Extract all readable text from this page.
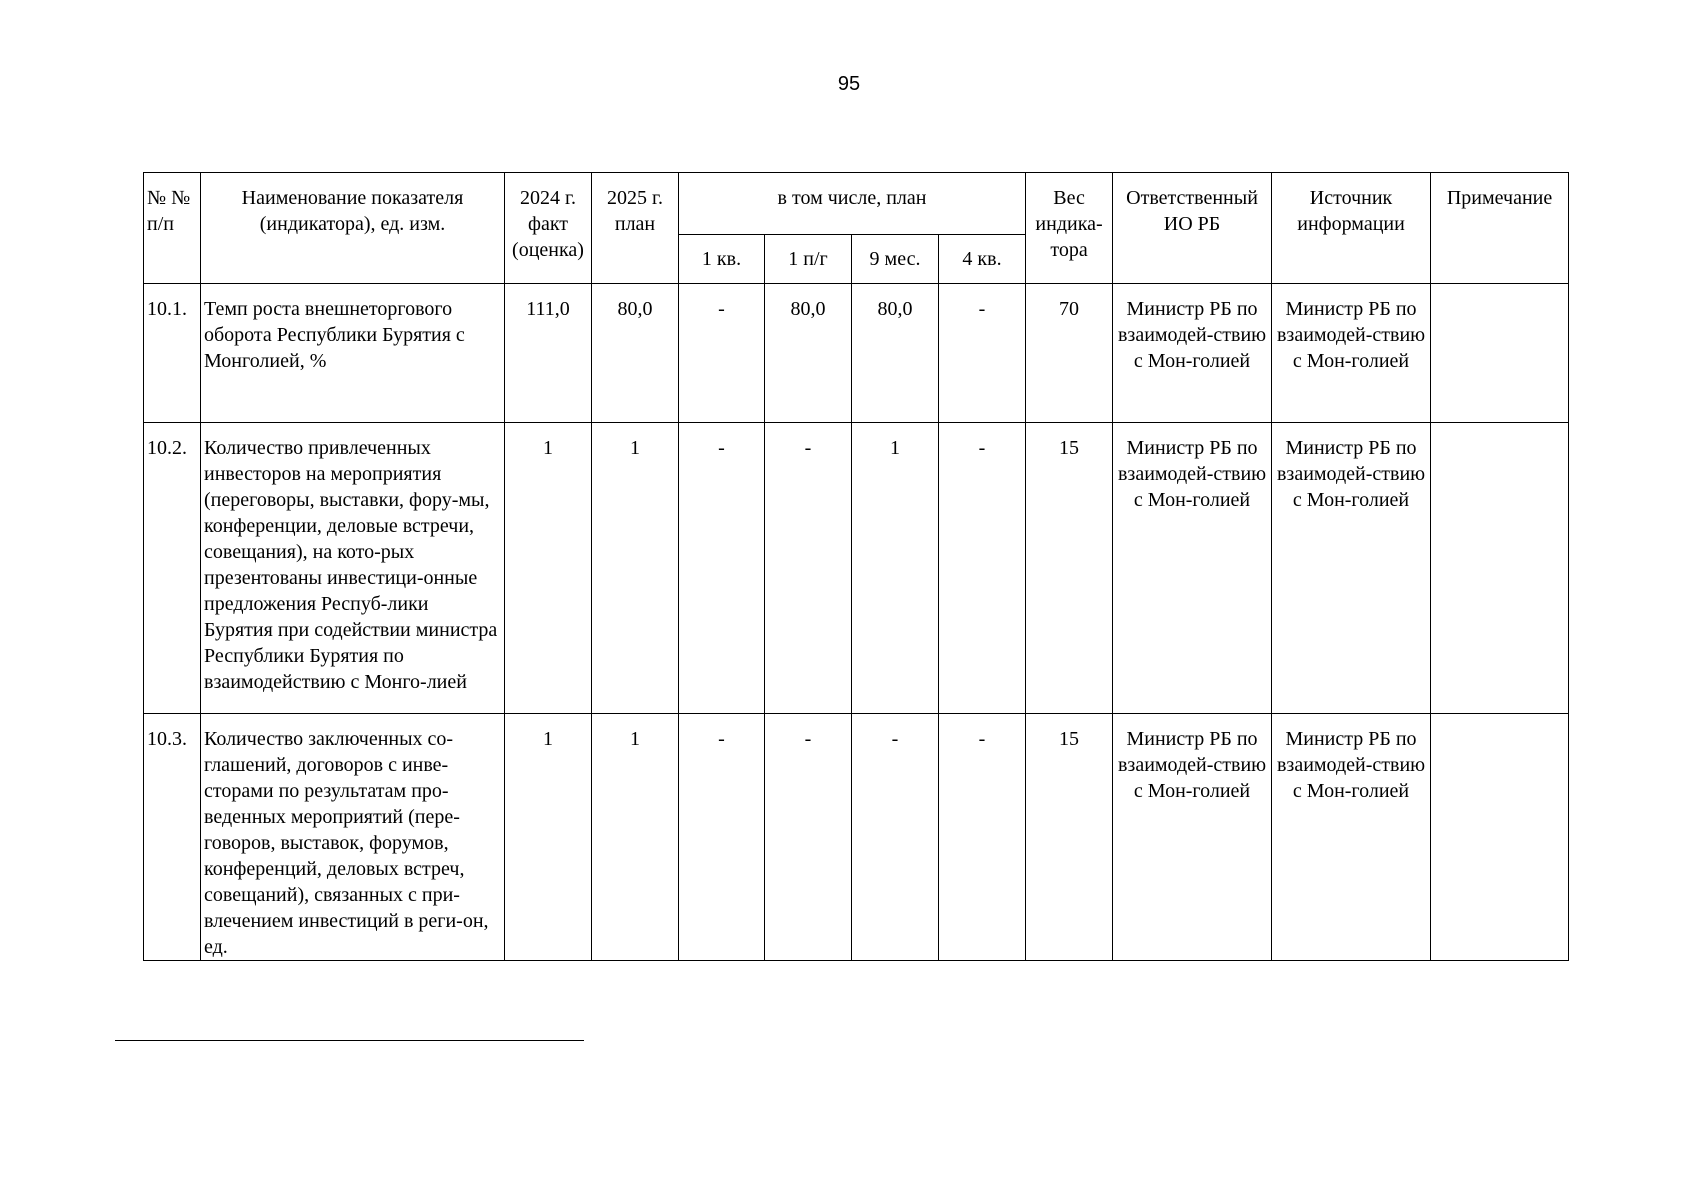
95
№ № п/п	Наименование показателя (индикатора), ед. изм.	2024 г. факт (оценка)	2025 г. план	в том числе, план				Вес индика-тора	Ответственный ИО РБ	Источник информации	Примечание
				1 кв.	1 п/г	9 мес.	4 кв.				
10.1.	Темп роста внешнеторгового оборота Республики Бурятия с Монголией, %	111,0	80,0	-	80,0	80,0	-	70	Министр РБ по взаимодей-ствию с Мон-голией	Министр РБ по взаимодей-ствию с Мон-голией	
10.2.	Количество привлеченных инвесторов на мероприятия (переговоры, выставки, фору-мы, конференции, деловые встречи, совещания), на кото-рых презентованы инвестици-онные предложения Респуб-лики Бурятия при содействии министра Республики Бурятия по взаимодействию с Монго-лией	1	1	-	-	1	-	15	Министр РБ по взаимодей-ствию с Мон-голией	Министр РБ по взаимодей-ствию с Мон-голией	
10.3.	Количество заключенных со-глашений, договоров с инве-сторами по результатам про-веденных мероприятий (пере-говоров, выставок, форумов, конференций, деловых встреч, совещаний), связанных с при-влечением инвестиций в реги-он, ед.	1	1	-	-	-	-	15	Министр РБ по взаимодей-ствию с Мон-голией	Министр РБ по взаимодей-ствию с Мон-голией	
